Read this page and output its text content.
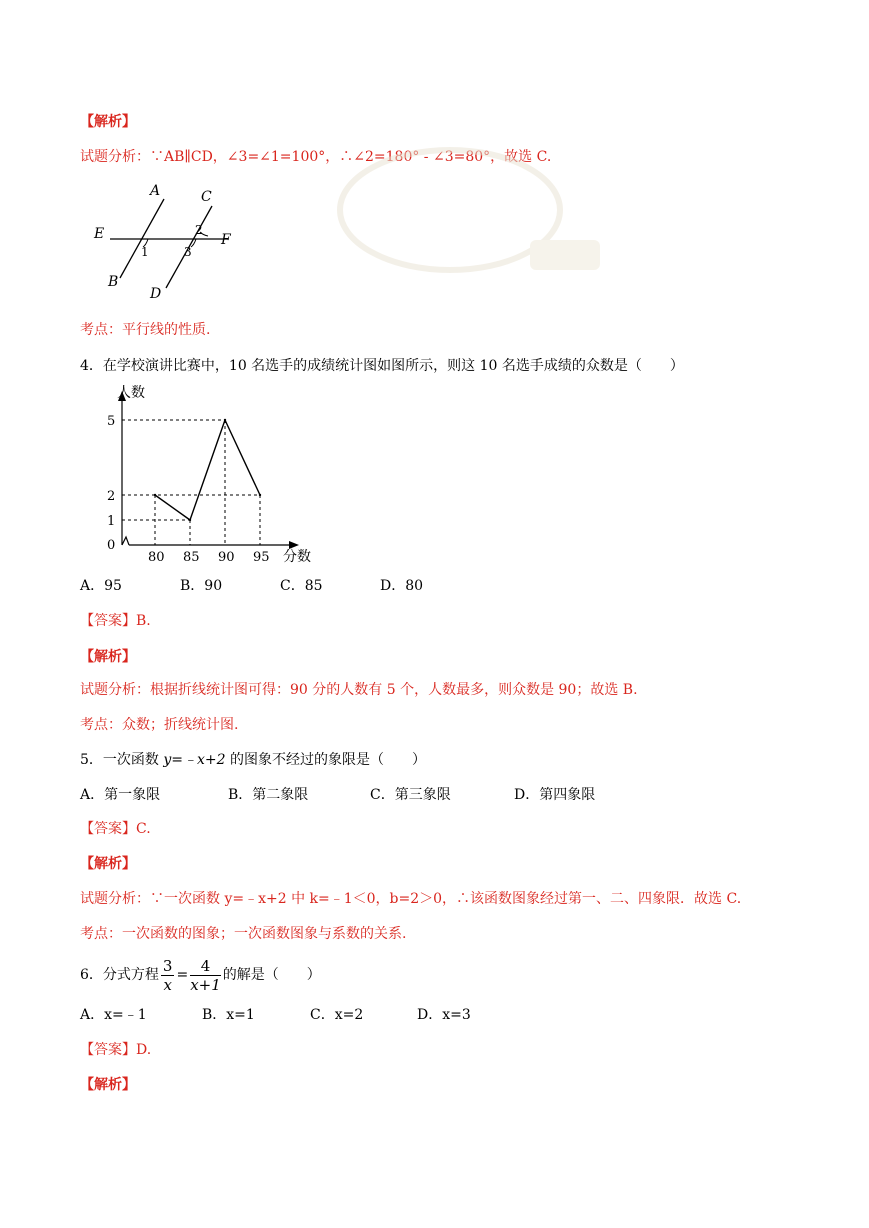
【解析】
试题分析：∵AB∥CD，∠3=∠1=100°，∴∠2=180° - ∠3=80°，故选 C.
A	C
E	2
F
1	3
B
D
考点：平行线的性质.
4．在学校演讲比赛中，10 名选手的成绩统计图如图所示，则这 10 名选手成绩的众数是（　　）
人数
分数
0
80 85 90 95
1
2
5
A．95	B．90	C．85	D．80
【答案】B.
【解析】
试题分析：根据折线统计图可得：90 分的人数有 5 个，人数最多，则众数是 90；故选 B.
考点：众数；折线统计图.
5．一次函数 y=﹣x+2 的图象不经过的象限是（　　）
A．第一象限	B．第二象限	C．第三象限	D．第四象限
【答案】C.
【解析】
试题分析：∵一次函数 y=﹣x+2 中 k=﹣1＜0，b=2＞0，∴该函数图象经过第一、二、四象限．故选 C.
考点：一次函数的图象；一次函数图象与系数的关系.
6．分式方程 $\frac{3}{x} = \frac{4}{x+1}$ 的解是（　　）
A．x=﹣1	B．x=1	C．x=2	D．x=3
【答案】D.
【解析】
